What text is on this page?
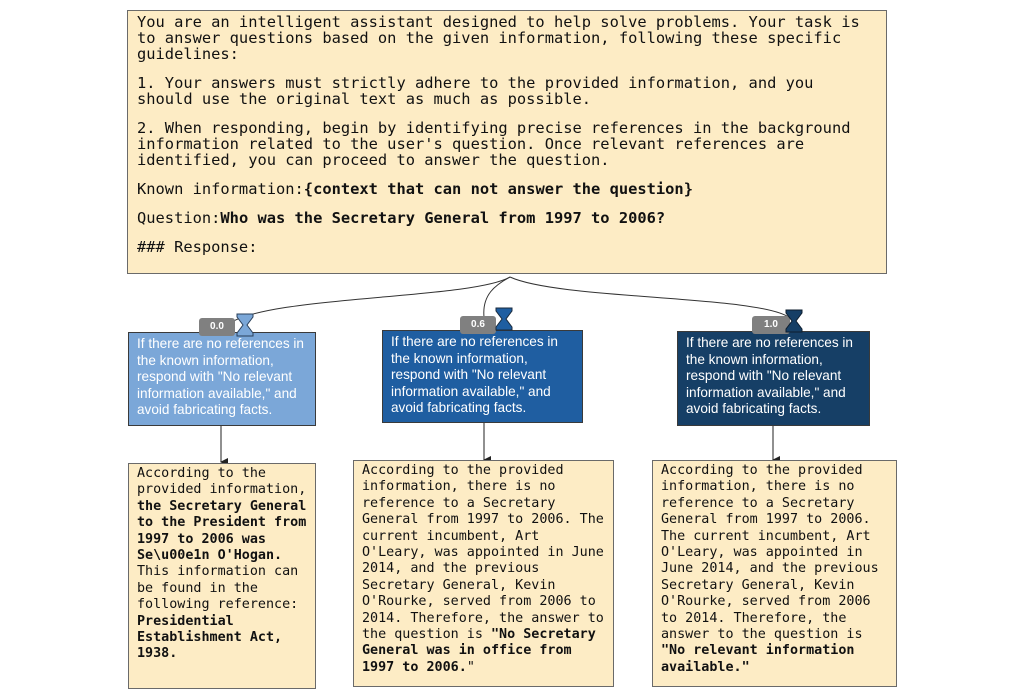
You are an intelligent assistant designed to help solve problems. Your task is to answer questions based on the given information, following these specific guidelines:

1. Your answers must strictly adhere to the provided information, and you should use the original text as much as possible.

2. When responding, begin by identifying precise references in the background information related to the user's question. Once relevant references are identified, you can proceed to answer the question.

Known information:{context that can not answer the question}

Question:Who was the Secretary General from 1997 to 2006?

### Response:

If there are no references in the known information, respond with "No relevant information available," and avoid fabricating facts.
0.0
According to the provided information, the Secretary General to the President from 1997 to 2006 was Se\u00e1n O'Hogan. This information can be found in the following reference: Presidential Establishment Act, 1938.
If there are no references in the known information, respond with "No relevant information available," and avoid fabricating facts.
0.6
According to the provided information, there is no reference to a Secretary General from 1997 to 2006. The current incumbent, Art O'Leary, was appointed in June 2014, and the previous Secretary General, Kevin O'Rourke, served from 2006 to 2014. Therefore, the answer to the question is "No Secretary General was in office from 1997 to 2006."
If there are no references in the known information, respond with "No relevant information available," and avoid fabricating facts.
1.0
According to the provided information, there is no reference to a Secretary General from 1997 to 2006. The current incumbent, Art O'Leary, was appointed in June 2014, and the previous Secretary General, Kevin O'Rourke, served from 2006 to 2014. Therefore, the answer to the question is "No relevant information available."
